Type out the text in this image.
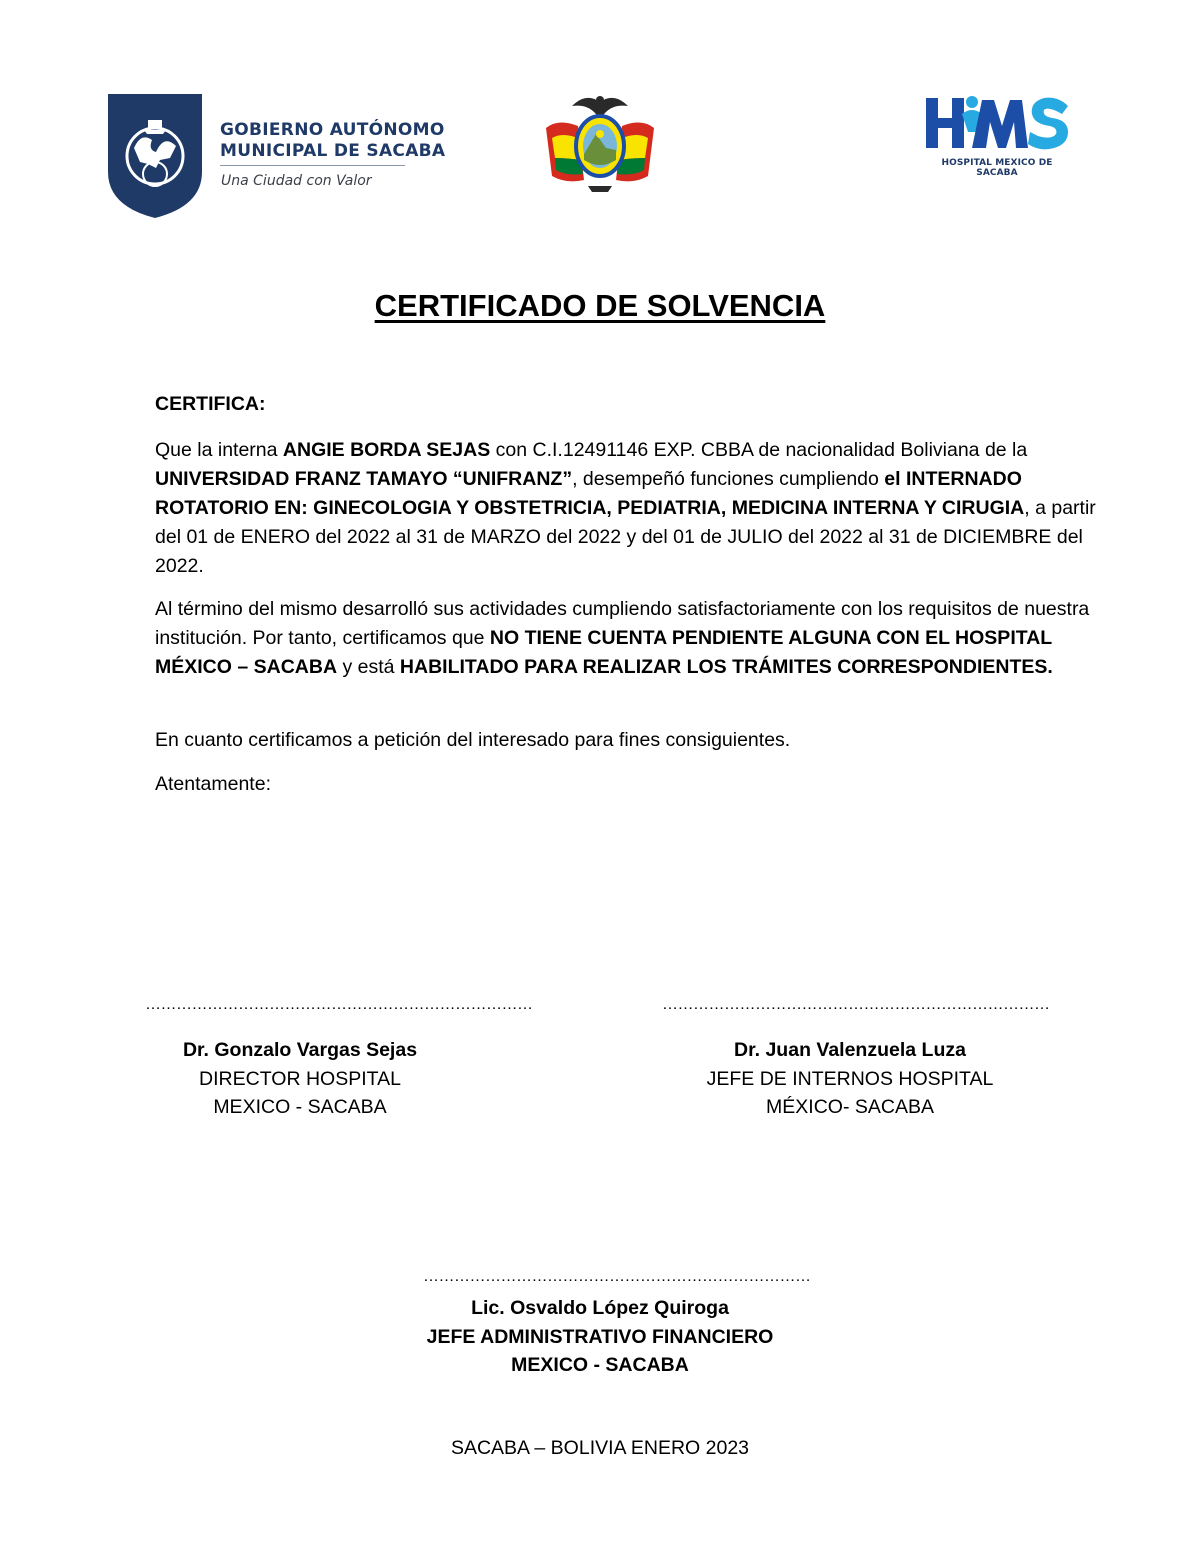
GOBIERNO AUTÓNOMO
MUNICIPAL DE SACABA
Una Ciudad con Valor
HOSPITAL MEXICO DE SACABA
CERTIFICADO DE SOLVENCIA
CERTIFICA:
Que la interna ANGIE BORDA SEJAS con C.I.12491146 EXP. CBBA de nacionalidad Boliviana de la UNIVERSIDAD FRANZ TAMAYO “UNIFRANZ”, desempeñó funciones cumpliendo el INTERNADO ROTATORIO EN: GINECOLOGIA Y OBSTETRICIA, PEDIATRIA, MEDICINA INTERNA Y CIRUGIA, a partir del 01 de ENERO del 2022 al 31 de MARZO del 2022 y del 01 de JULIO del 2022 al 31 de DICIEMBRE del 2022.
Al término del mismo desarrolló sus actividades cumpliendo satisfactoriamente con los requisitos de nuestra institución. Por tanto, certificamos que NO TIENE CUENTA PENDIENTE ALGUNA CON EL HOSPITAL MÉXICO – SACABA y está HABILITADO PARA REALIZAR LOS TRÁMITES CORRESPONDIENTES.
En cuanto certificamos a petición del interesado para fines consiguientes.
Atentamente:
…………………………………………………………………
Dr. Gonzalo Vargas Sejas
DIRECTOR HOSPITAL
MEXICO - SACABA
…………………………………………………………………
Dr. Juan Valenzuela Luza
JEFE DE INTERNOS HOSPITAL
MÉXICO- SACABA
…………………………………………………………………
Lic. Osvaldo López Quiroga
JEFE ADMINISTRATIVO FINANCIERO
MEXICO - SACABA
SACABA – BOLIVIA ENERO 2023
